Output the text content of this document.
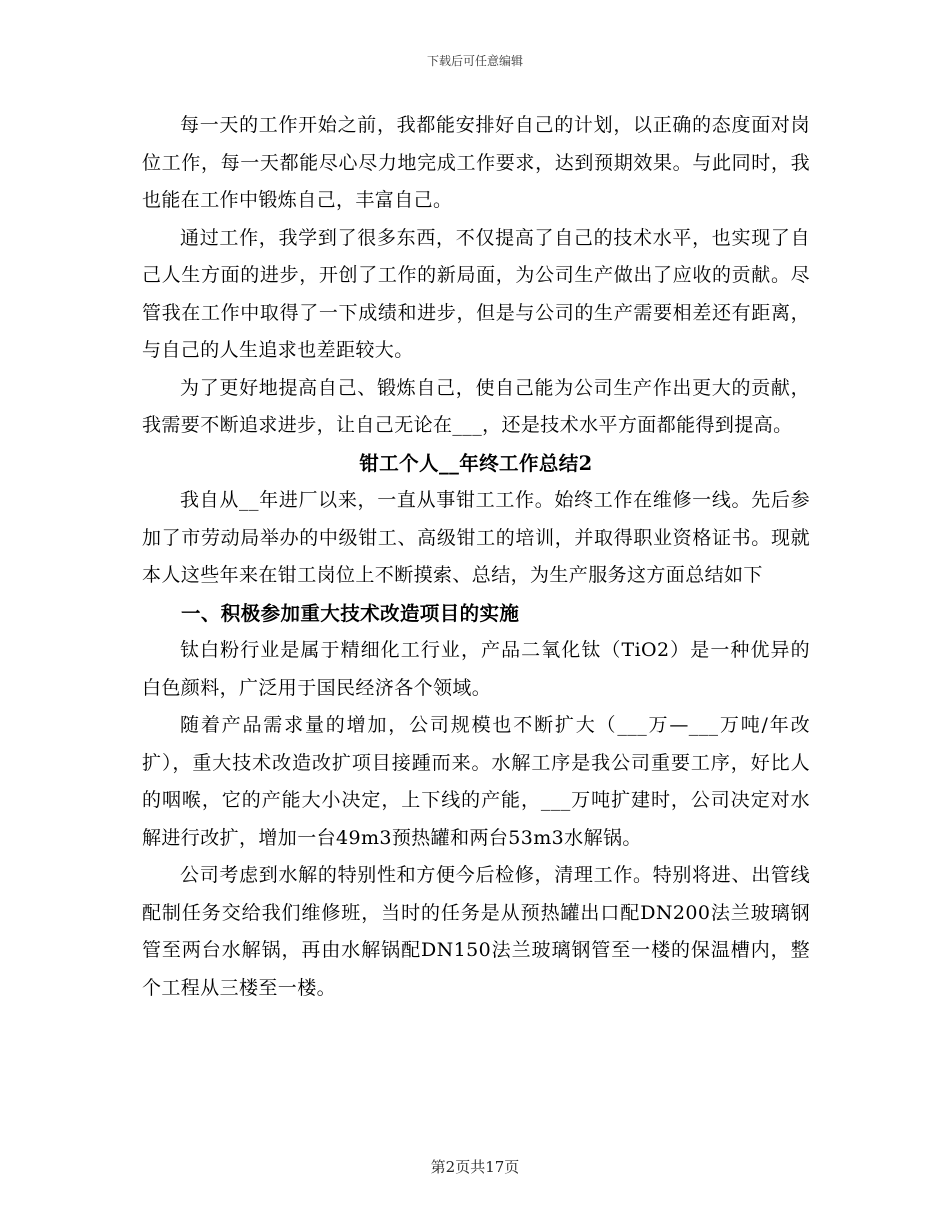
下载后可任意编辑

每一天的工作开始之前，我都能安排好自己的计划，以正确的态度面对岗位工作，每一天都能尽心尽力地完成工作要求，达到预期效果。与此同时，我也能在工作中锻炼自己，丰富自己。

通过工作，我学到了很多东西，不仅提高了自己的技术水平，也实现了自己人生方面的进步，开创了工作的新局面，为公司生产做出了应收的贡献。尽管我在工作中取得了一下成绩和进步，但是与公司的生产需要相差还有距离，与自己的人生追求也差距较大。

为了更好地提高自己、锻炼自己，使自己能为公司生产作出更大的贡献，我需要不断追求进步，让自己无论在___，还是技术水平方面都能得到提高。

钳工个人__年终工作总结2

我自从__年进厂以来，一直从事钳工工作。始终工作在维修一线。先后参加了市劳动局举办的中级钳工、高级钳工的培训，并取得职业资格证书。现就本人这些年来在钳工岗位上不断摸索、总结，为生产服务这方面总结如下

一、积极参加重大技术改造项目的实施

钛白粉行业是属于精细化工行业，产品二氧化钛（TiO2）是一种优异的白色颜料，广泛用于国民经济各个领域。

随着产品需求量的增加，公司规模也不断扩大（___万—___万吨/年改扩），重大技术改造改扩项目接踵而来。水解工序是我公司重要工序，好比人的咽喉，它的产能大小决定，上下线的产能，___万吨扩建时，公司决定对水解进行改扩，增加一台49m3预热罐和两台53m3水解锅。

公司考虑到水解的特别性和方便今后检修，清理工作。特别将进、出管线配制任务交给我们维修班，当时的任务是从预热罐出口配DN200法兰玻璃钢管至两台水解锅，再由水解锅配DN150法兰玻璃钢管至一楼的保温槽内，整个工程从三楼至一楼。

第2页共17页
